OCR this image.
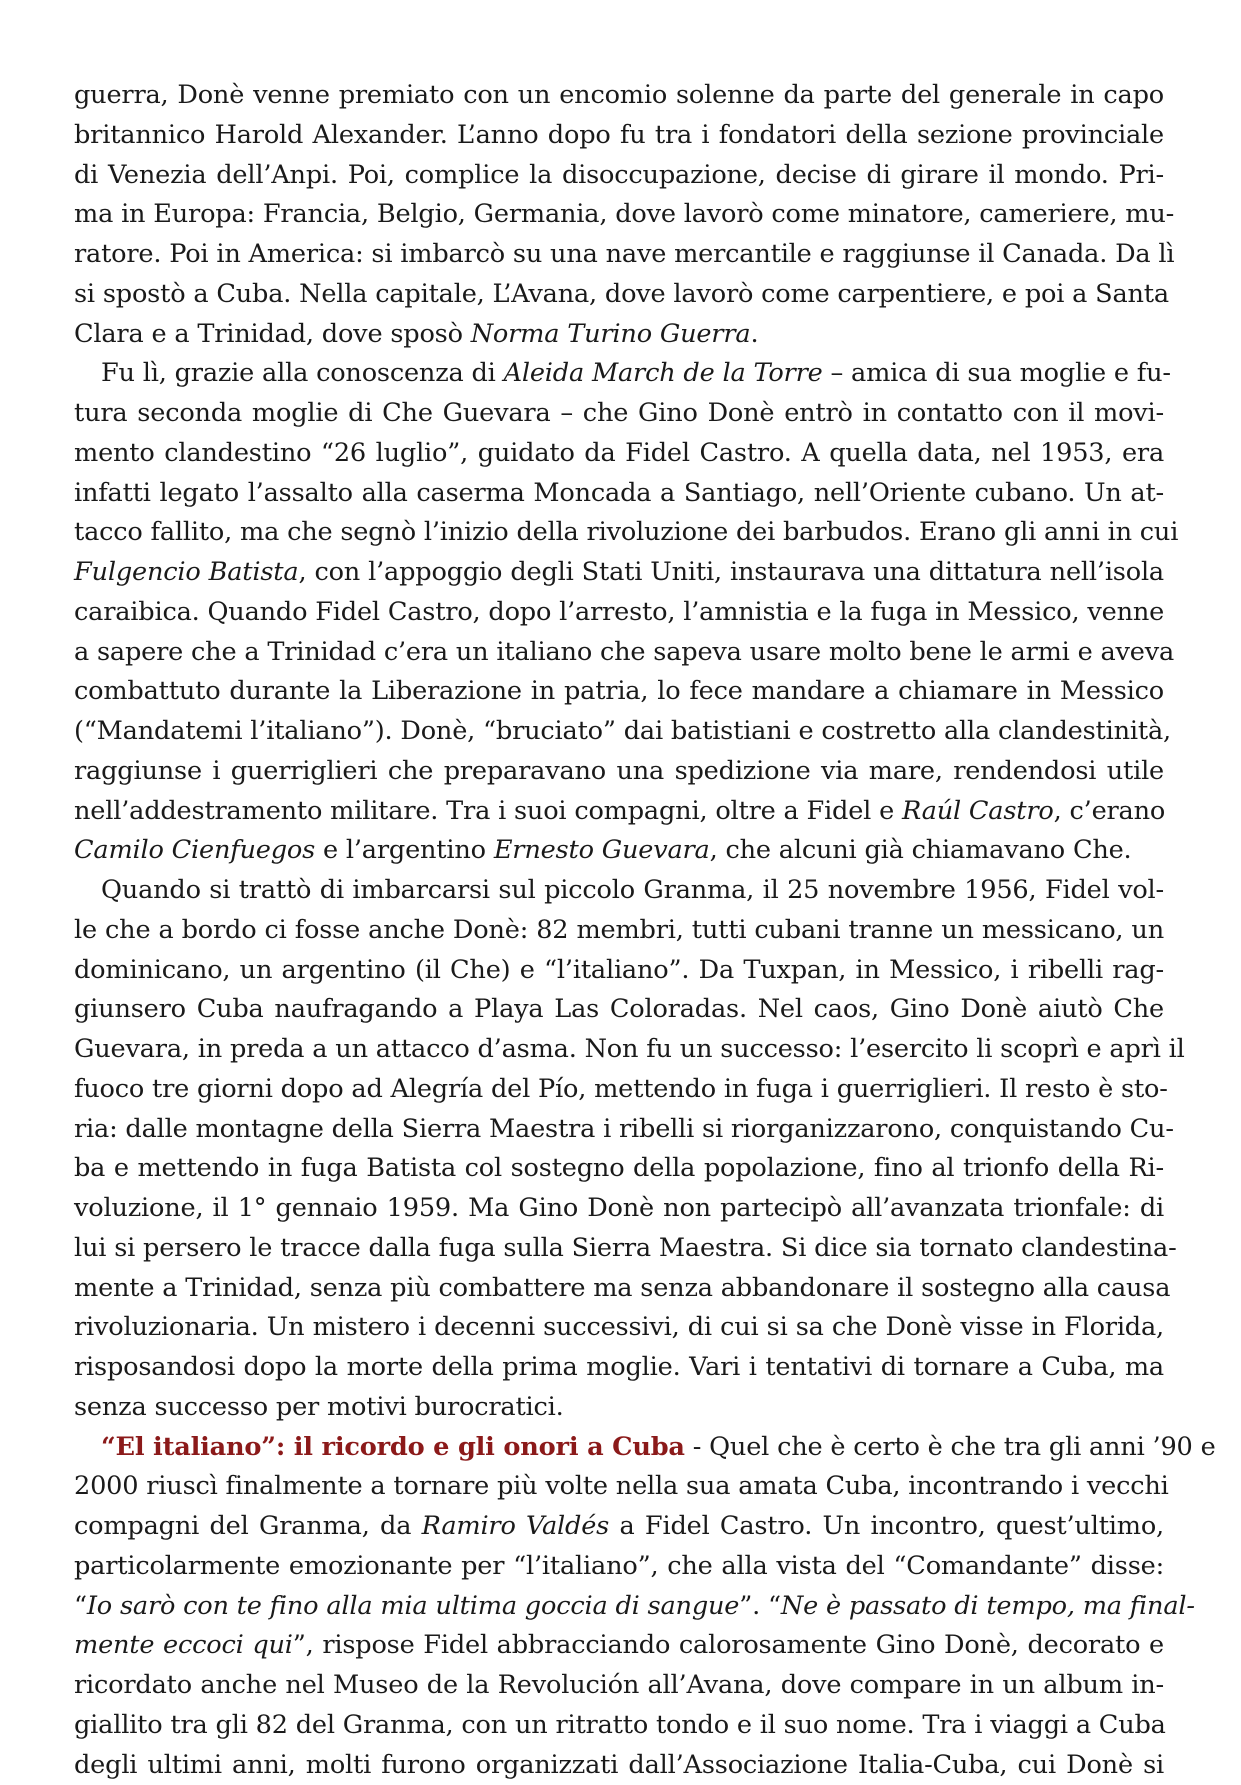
guerra, Donè venne premiato con un encomio solenne da parte del generale in capo
britannico Harold Alexander. L’anno dopo fu tra i fondatori della sezione provinciale
di Venezia dell’Anpi. Poi, complice la disoccupazione, decise di girare il mondo. Pri-
ma in Europa: Francia, Belgio, Germania, dove lavorò come minatore, cameriere, mu-
ratore. Poi in America: si imbarcò su una nave mercantile e raggiunse il Canada. Da lì
si spostò a Cuba. Nella capitale, L’Avana, dove lavorò come carpentiere, e poi a Santa
Clara e a Trinidad, dove sposò Norma Turino Guerra.
Fu lì, grazie alla conoscenza di Aleida March de la Torre – amica di sua moglie e fu-
tura seconda moglie di Che Guevara – che Gino Donè entrò in contatto con il movi-
mento clandestino “26 luglio”, guidato da Fidel Castro. A quella data, nel 1953, era
infatti legato l’assalto alla caserma Moncada a Santiago, nell’Oriente cubano. Un at-
tacco fallito, ma che segnò l’inizio della rivoluzione dei barbudos. Erano gli anni in cui
Fulgencio Batista, con l’appoggio degli Stati Uniti, instaurava una dittatura nell’isola
caraibica. Quando Fidel Castro, dopo l’arresto, l’amnistia e la fuga in Messico, venne
a sapere che a Trinidad c’era un italiano che sapeva usare molto bene le armi e aveva
combattuto durante la Liberazione in patria, lo fece mandare a chiamare in Messico
(“Mandatemi l’italiano”). Donè, “bruciato” dai batistiani e costretto alla clandestinità,
raggiunse i guerriglieri che preparavano una spedizione via mare, rendendosi utile
nell’addestramento militare. Tra i suoi compagni, oltre a Fidel e Raúl Castro, c’erano
Camilo Cienfuegos e l’argentino Ernesto Guevara, che alcuni già chiamavano Che.
Quando si trattò di imbarcarsi sul piccolo Granma, il 25 novembre 1956, Fidel vol-
le che a bordo ci fosse anche Donè: 82 membri, tutti cubani tranne un messicano, un
dominicano, un argentino (il Che) e “l’italiano”. Da Tuxpan, in Messico, i ribelli rag-
giunsero Cuba naufragando a Playa Las Coloradas. Nel caos, Gino Donè aiutò Che
Guevara, in preda a un attacco d’asma. Non fu un successo: l’esercito li scoprì e aprì il
fuoco tre giorni dopo ad Alegría del Pío, mettendo in fuga i guerriglieri. Il resto è sto-
ria: dalle montagne della Sierra Maestra i ribelli si riorganizzarono, conquistando Cu-
ba e mettendo in fuga Batista col sostegno della popolazione, fino al trionfo della Ri-
voluzione, il 1° gennaio 1959. Ma Gino Donè non partecipò all’avanzata trionfale: di
lui si persero le tracce dalla fuga sulla Sierra Maestra. Si dice sia tornato clandestina-
mente a Trinidad, senza più combattere ma senza abbandonare il sostegno alla causa
rivoluzionaria. Un mistero i decenni successivi, di cui si sa che Donè visse in Florida,
risposandosi dopo la morte della prima moglie. Vari i tentativi di tornare a Cuba, ma
senza successo per motivi burocratici.
“El italiano”: il ricordo e gli onori a Cuba - Quel che è certo è che tra gli anni ’90 e
2000 riuscì finalmente a tornare più volte nella sua amata Cuba, incontrando i vecchi
compagni del Granma, da Ramiro Valdés a Fidel Castro. Un incontro, quest’ultimo,
particolarmente emozionante per “l’italiano”, che alla vista del “Comandante” disse:
“Io sarò con te fino alla mia ultima goccia di sangue”. “Ne è passato di tempo, ma final-
mente eccoci qui”, rispose Fidel abbracciando calorosamente Gino Donè, decorato e
ricordato anche nel Museo de la Revolución all’Avana, dove compare in un album in-
giallito tra gli 82 del Granma, con un ritratto tondo e il suo nome. Tra i viaggi a Cuba
degli ultimi anni, molti furono organizzati dall’Associazione Italia-Cuba, cui Donè si
